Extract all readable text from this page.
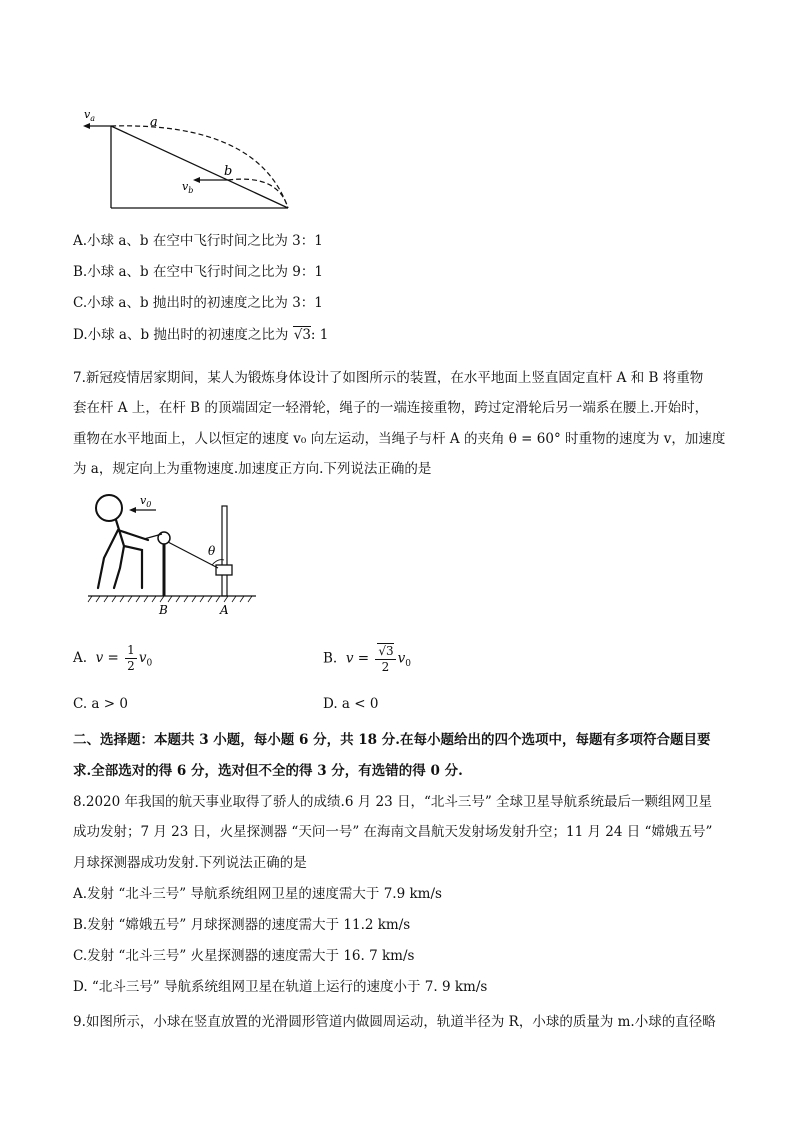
$v_a$	a
b
$v_b$
A.小球 a、b 在空中飞行时间之比为 3：1
B.小球 a、b 在空中飞行时间之比为 9：1
C.小球 a、b 抛出时的初速度之比为 3：1
D.小球 a、b 抛出时的初速度之比为 √3: 1
7.新冠疫情居家期间，某人为锻炼身体设计了如图所示的装置，在水平地面上竖直固定直杆 A 和 B 将重物
套在杆 A 上，在杆 B 的顶端固定一轻滑轮，绳子的一端连接重物，跨过定滑轮后另一端系在腰上.开始时，
重物在水平地面上，人以恒定的速度 v₀ 向左运动，当绳子与杆 A 的夹角 θ = 60° 时重物的速度为 v，加速度
为 a，规定向上为重物速度.加速度正方向.下列说法正确的是
$v_0$
θ
B	A
A. $v = \frac{1}{2} v_0$	B. $v = \frac{√3}{2} v_0$
C. a > 0	D. a < 0
二、选择题：本题共 3 小题，每小题 6 分，共 18 分.在每小题给出的四个选项中，每题有多项符合题目要
求.全部选对的得 6 分，选对但不全的得 3 分，有选错的得 0 分.
8.2020 年我国的航天事业取得了骄人的成绩.6 月 23 日，“北斗三号” 全球卫星导航系统最后一颗组网卫星
成功发射；7 月 23 日，火星探测器 “天问一号” 在海南文昌航天发射场发射升空；11 月 24 日 “嫦娥五号”
月球探测器成功发射.下列说法正确的是
A.发射 “北斗三号” 导航系统组网卫星的速度需大于 7.9 km/s
B.发射 “嫦娥五号” 月球探测器的速度需大于 11.2 km/s
C.发射 “北斗三号” 火星探测器的速度需大于 16. 7 km/s
D. “北斗三号” 导航系统组网卫星在轨道上运行的速度小于 7. 9 km/s
9.如图所示，小球在竖直放置的光滑圆形管道内做圆周运动，轨道半径为 R，小球的质量为 m.小球的直径略
